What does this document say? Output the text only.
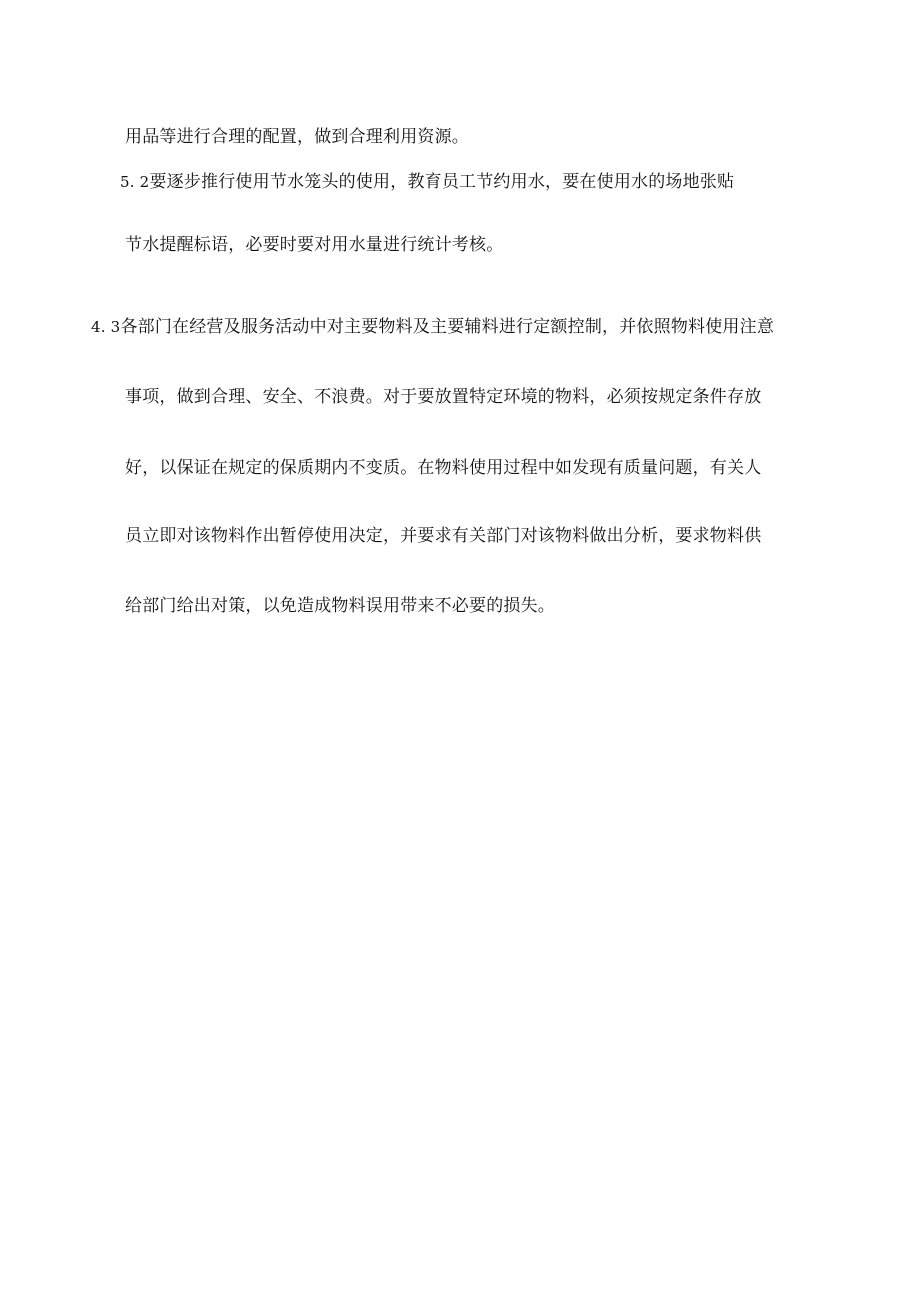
用品等进行合理的配置，做到合理利用资源。
5. 2要逐步推行使用节水笼头的使用，教育员工节约用水，要在使用水的场地张贴
节水提醒标语，必要时要对用水量进行统计考核。
4. 3各部门在经营及服务活动中对主要物料及主要辅料进行定额控制，并依照物料使用注意
事项，做到合理、安全、不浪费。对于要放置特定环境的物料，必须按规定条件存放
好，以保证在规定的保质期内不变质。在物料使用过程中如发现有质量问题，有关人
员立即对该物料作出暂停使用决定，并要求有关部门对该物料做出分析，要求物料供
给部门给出对策，以免造成物料误用带来不必要的损失。
